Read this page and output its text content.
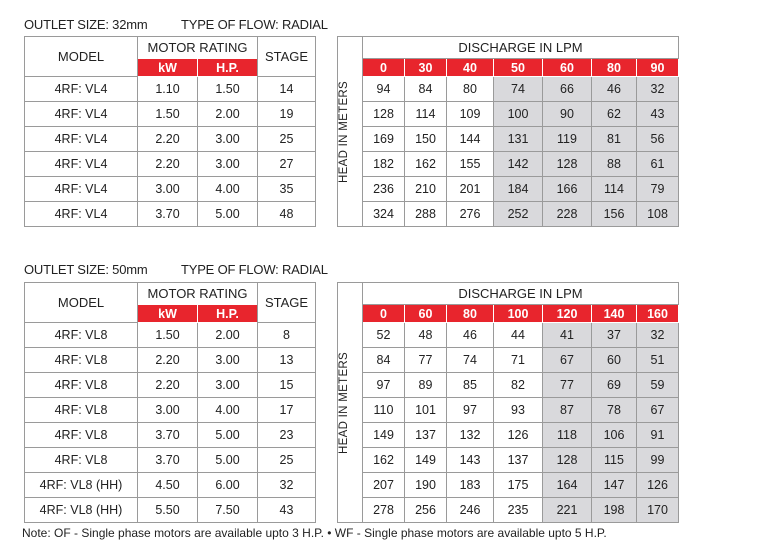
OUTLET SIZE: 32mm	TYPE OF FLOW: RADIAL
MODEL	MOTOR RATING		STAGE		HEAD IN METERS	DISCHARGE IN LPM						
	kW	H.P.				0	30	40	50	60	80	90
4RF: VL4	1.10	1.50	14			94	84	80	74	66	46	32
4RF: VL4	1.50	2.00	19			128	114	109	100	90	62	43
4RF: VL4	2.20	3.00	25			169	150	144	131	119	81	56
4RF: VL4	2.20	3.00	27			182	162	155	142	128	88	61
4RF: VL4	3.00	4.00	35			236	210	201	184	166	114	79
4RF: VL4	3.70	5.00	48			324	288	276	252	228	156	108
OUTLET SIZE: 50mm	TYPE OF FLOW: RADIAL
MODEL	MOTOR RATING		STAGE		HEAD IN METERS	DISCHARGE IN LPM						
	kW	H.P.				0	60	80	100	120	140	160
4RF: VL8	1.50	2.00	8			52	48	46	44	41	37	32
4RF: VL8	2.20	3.00	13			84	77	74	71	67	60	51
4RF: VL8	2.20	3.00	15			97	89	85	82	77	69	59
4RF: VL8	3.00	4.00	17			110	101	97	93	87	78	67
4RF: VL8	3.70	5.00	23			149	137	132	126	118	106	91
4RF: VL8	3.70	5.00	25			162	149	143	137	128	115	99
4RF: VL8 (HH)	4.50	6.00	32			207	190	183	175	164	147	126
4RF: VL8 (HH)	5.50	7.50	43			278	256	246	235	221	198	170
Note: OF - Single phase motors are available upto 3 H.P. • WF - Single phase motors are available upto 5 H.P.
